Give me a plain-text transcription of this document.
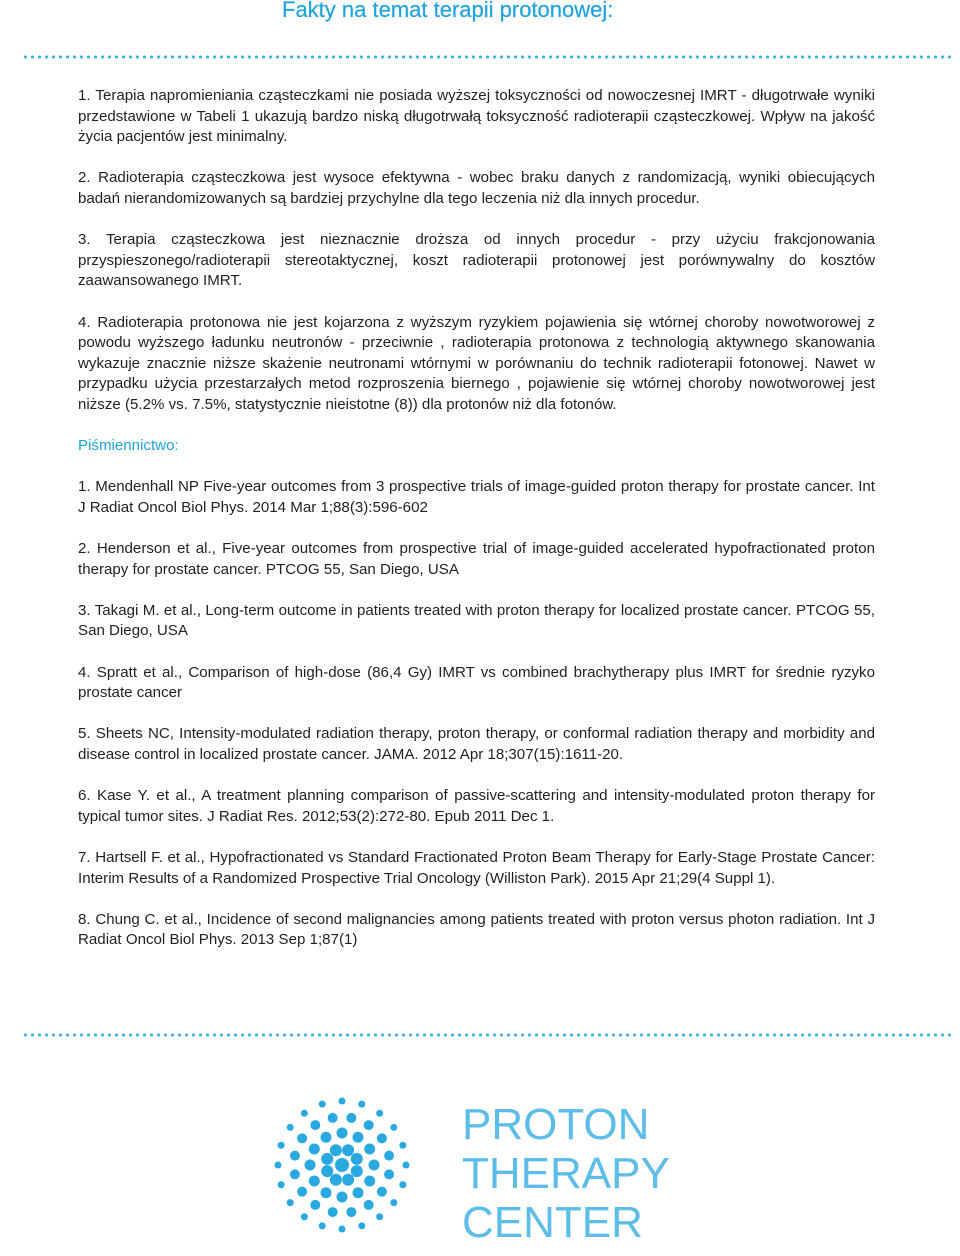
Fakty na temat terapii protonowej:

1. Terapia napromieniania cząsteczkami nie posiada wyższej toksyczności od nowoczesnej IMRT - długotrwałe wyniki przedstawione w Tabeli 1 ukazują bardzo niską długotrwałą toksyczność radioterapii cząsteczkowej. Wpływ na jakość życia pacjentów jest minimalny.

2. Radioterapia cząsteczkowa jest wysoce efektywna - wobec braku danych z randomizacją, wyniki obiecujących badań nierandomizowanych są bardziej przychylne dla tego leczenia niż dla innych procedur.

3. Terapia cząsteczkowa jest nieznacznie droższa od innych procedur - przy użyciu frakcjonowania przyspieszonego/radioterapii stereotaktycznej, koszt radioterapii protonowej jest porównywalny do kosztów zaawansowanego IMRT.

4. Radioterapia protonowa nie jest kojarzona z wyższym ryzykiem pojawienia się wtórnej choroby nowotworowej z powodu wyższego ładunku neutronów - przeciwnie , radioterapia protonowa z technologią aktywnego skanowania wykazuje znacznie niższe skażenie neutronami wtórnymi w porównaniu do technik radioterapii fotonowej. Nawet w przypadku użycia przestarzałych metod rozproszenia biernego , pojawienie się wtórnej choroby nowotworowej jest niższe (5.2% vs. 7.5%, statystycznie nieistotne (8)) dla protonów niż dla fotonów.

Piśmiennictwo:

1. Mendenhall NP Five-year outcomes from 3 prospective trials of image-guided proton therapy for prostate cancer. Int J Radiat Oncol Biol Phys. 2014 Mar 1;88(3):596-602

2. Henderson et al., Five-year outcomes from prospective trial of image-guided accelerated hypofractionated proton therapy for prostate cancer. PTCOG 55, San Diego, USA

3. Takagi M. et al., Long-term outcome in patients treated with proton therapy for localized prostate cancer. PTCOG 55, San Diego, USA

4. Spratt et al., Comparison of high-dose (86,4 Gy) IMRT vs combined brachytherapy plus IMRT for średnie ryzyko prostate cancer

5. Sheets NC, Intensity-modulated radiation therapy, proton therapy, or conformal radiation therapy and morbidity and disease control in localized prostate cancer. JAMA. 2012 Apr 18;307(15):1611-20.

6. Kase Y. et al., A treatment planning comparison of passive-scattering and intensity-modulated proton therapy for typical tumor sites. J Radiat Res. 2012;53(2):272-80. Epub 2011 Dec 1.

7. Hartsell F. et al., Hypofractionated vs Standard Fractionated Proton Beam Therapy for Early-Stage Prostate Cancer: Interim Results of a Randomized Prospective Trial Oncology (Williston Park). 2015 Apr 21;29(4 Suppl 1).

8. Chung C. et al., Incidence of second malignancies among patients treated with proton versus photon radiation. Int J Radiat Oncol Biol Phys. 2013 Sep 1;87(1)

PROTON
THERAPY
CENTER
